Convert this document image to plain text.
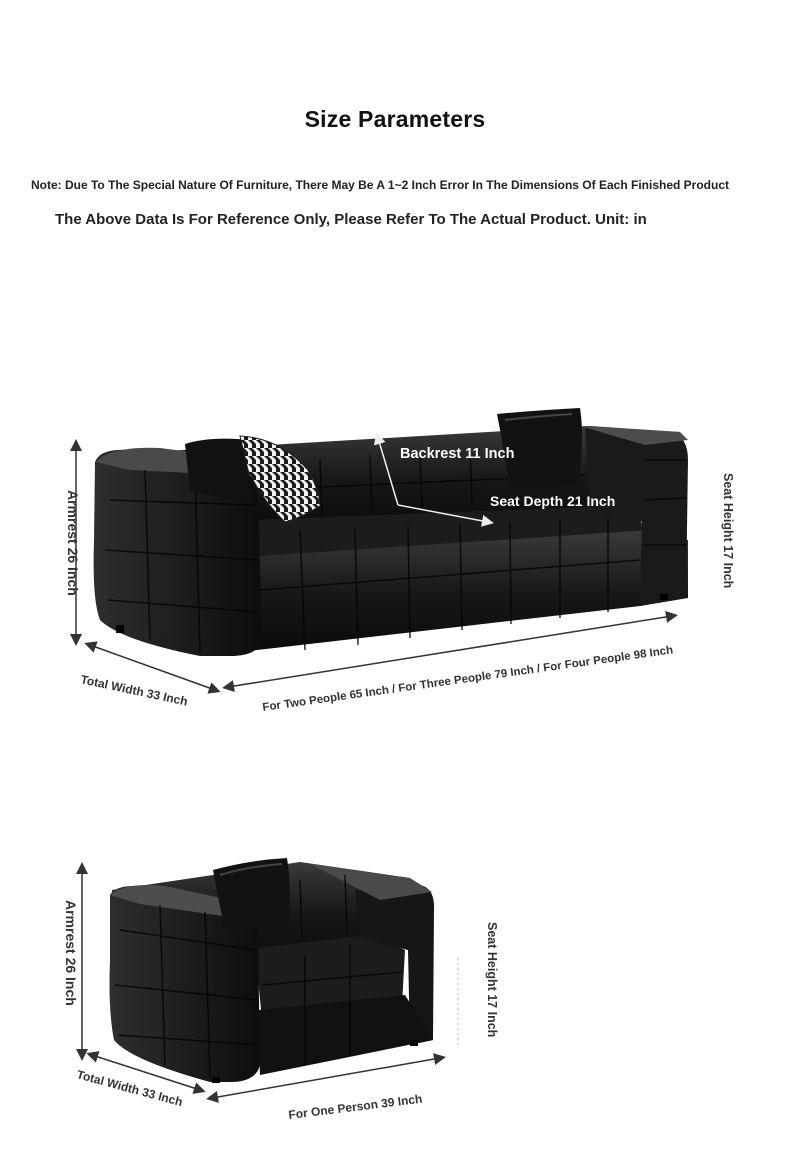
Size Parameters
Note: Due To The Special Nature Of Furniture, There May Be A 1~2 Inch Error In The Dimensions Of Each Finished Product
The Above Data Is For Reference Only, Please Refer To The Actual Product. Unit: in
Backrest 11 Inch
Seat Depth 21 Inch
Armrest 26 Inch	Seat Height 17 Inch
Total Width 33 Inch	For Two People 65 Inch / For Three People 79 Inch / For Four People 98 Inch
Armrest 26 Inch	Seat Height 17 Inch
Total Width 33 Inch	For One Person 39 Inch
